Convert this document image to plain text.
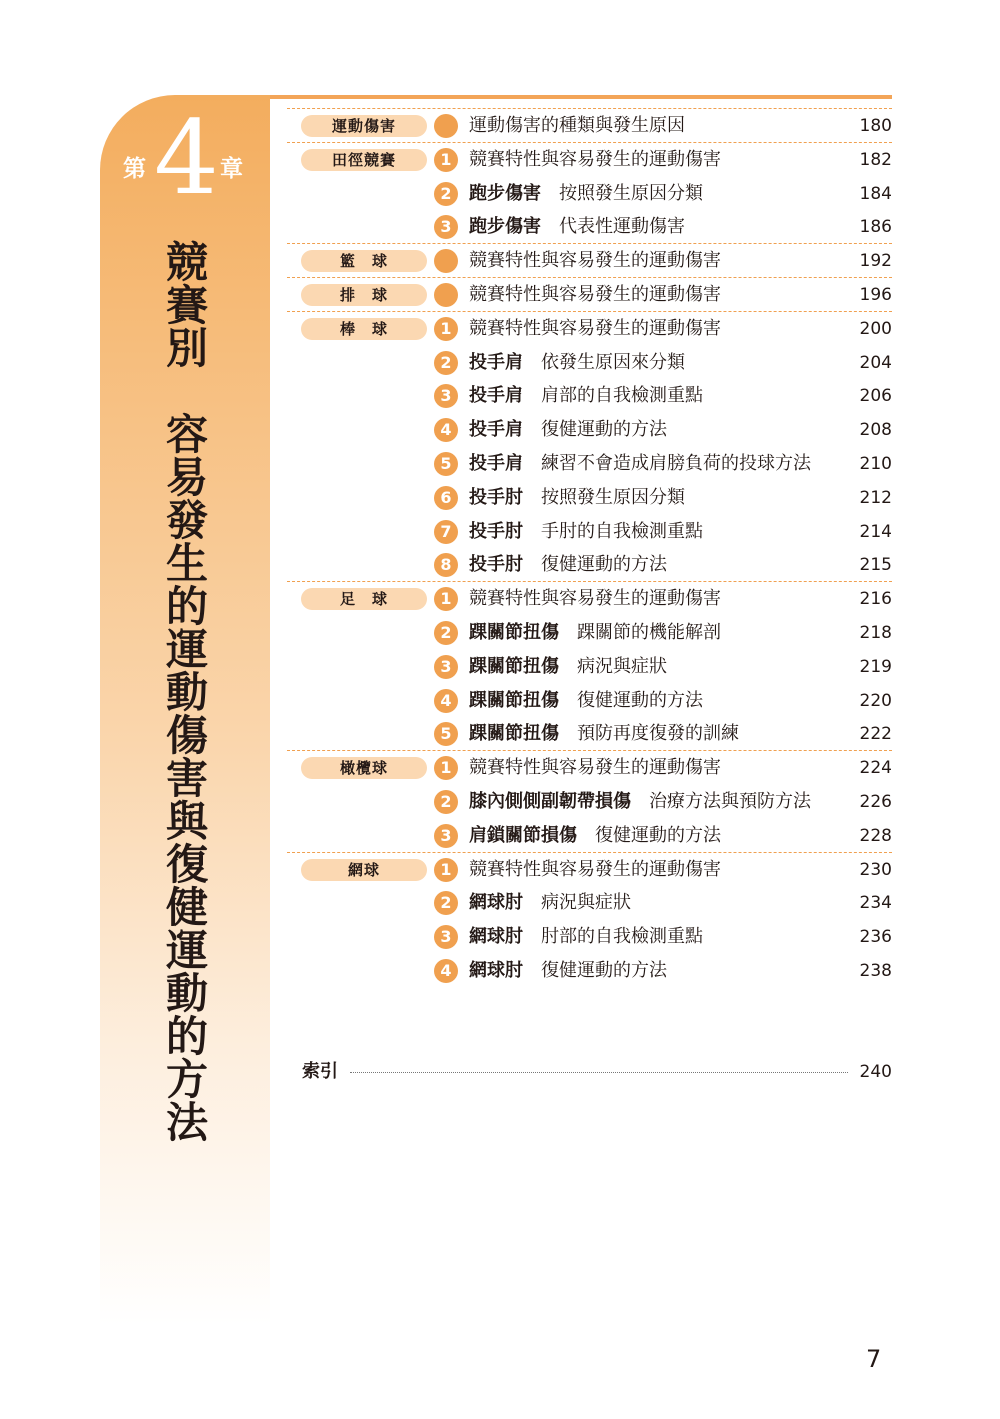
第 4 章
競賽別　容易發生的運動傷害與復健運動的方法
運動傷害	運動傷害的種類與發生原因	180
田徑競賽	1 競賽特性與容易發生的運動傷害	182
2 跑步傷害 按照發生原因分類	184
3 跑步傷害 代表性運動傷害	186
籃　球	競賽特性與容易發生的運動傷害	192
排　球	競賽特性與容易發生的運動傷害	196
棒　球	1 競賽特性與容易發生的運動傷害	200
2 投手肩 依發生原因來分類	204
3 投手肩 肩部的自我檢測重點	206
4 投手肩 復健運動的方法	208
5 投手肩 練習不會造成肩膀負荷的投球方法	210
6 投手肘 按照發生原因分類	212
7 投手肘 手肘的自我檢測重點	214
8 投手肘 復健運動的方法	215
足　球	1 競賽特性與容易發生的運動傷害	216
2 踝關節扭傷 踝關節的機能解剖	218
3 踝關節扭傷 病況與症狀	219
4 踝關節扭傷 復健運動的方法	220
5 踝關節扭傷 預防再度復發的訓練	222
橄欖球	1 競賽特性與容易發生的運動傷害	224
2 膝內側側副韌帶損傷 治療方法與預防方法	226
3 肩鎖關節損傷 復健運動的方法	228
網球	1 競賽特性與容易發生的運動傷害	230
2 網球肘 病況與症狀	234
3 網球肘 肘部的自我檢測重點	236
4 網球肘 復健運動的方法	238
索引	240
7
